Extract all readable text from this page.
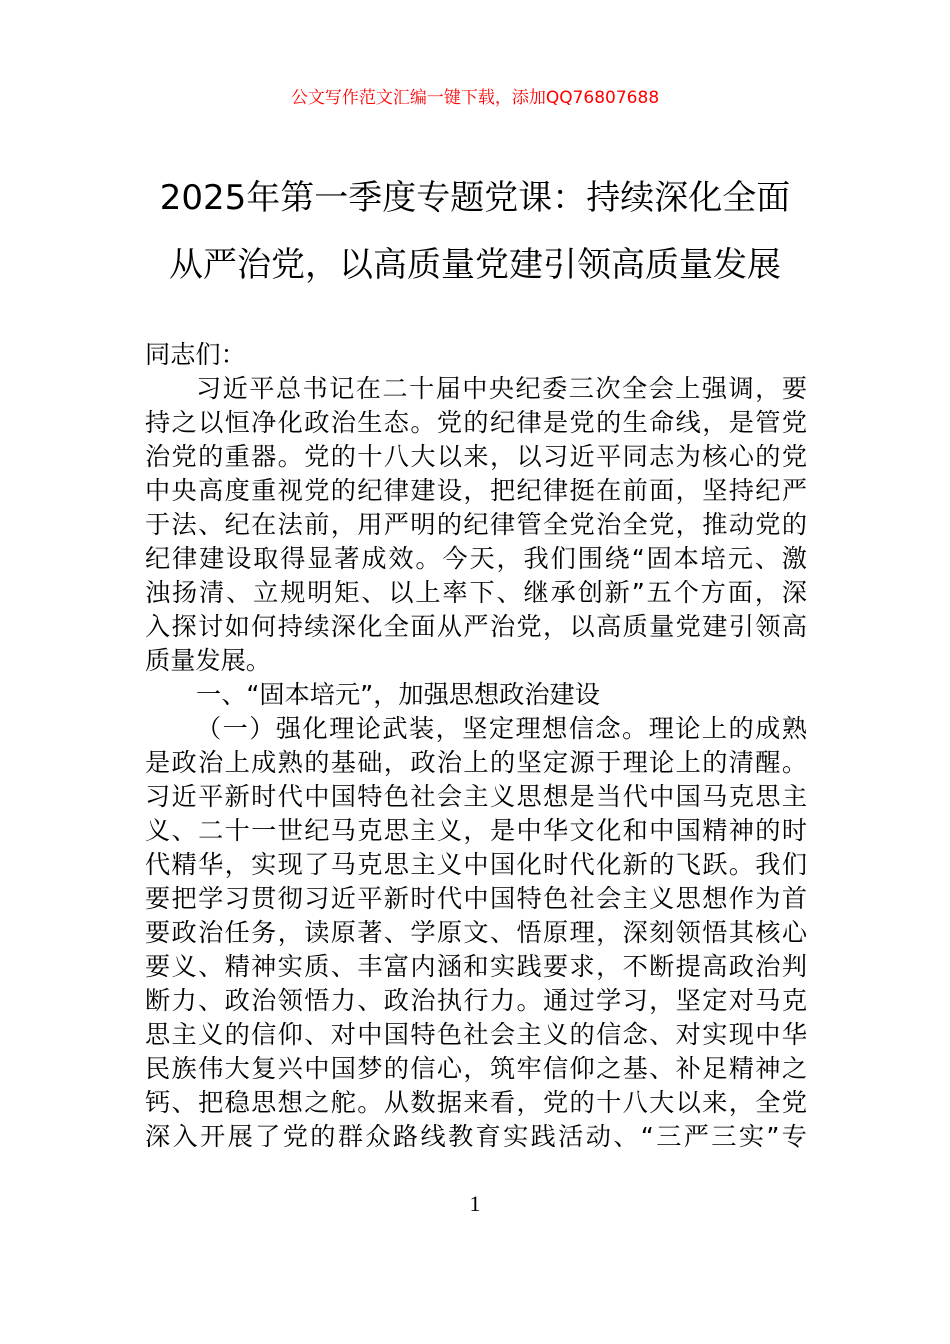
公文写作范文汇编一键下载，添加QQ76807688
2025年第一季度专题党课：持续深化全面
从严治党，以高质量党建引领高质量发展
同志们：
习近平总书记在二十届中央纪委三次全会上强调，要
持之以恒净化政治生态。党的纪律是党的生命线，是管党
治党的重器。党的十八大以来，以习近平同志为核心的党
中央高度重视党的纪律建设，把纪律挺在前面，坚持纪严
于法、纪在法前，用严明的纪律管全党治全党，推动党的
纪律建设取得显著成效。今天，我们围绕“固本培元、激
浊扬清、立规明矩、以上率下、继承创新”五个方面，深
入探讨如何持续深化全面从严治党，以高质量党建引领高
质量发展。
一、“固本培元”，加强思想政治建设
（一）强化理论武装，坚定理想信念。理论上的成熟
是政治上成熟的基础，政治上的坚定源于理论上的清醒。
习近平新时代中国特色社会主义思想是当代中国马克思主
义、二十一世纪马克思主义，是中华文化和中国精神的时
代精华，实现了马克思主义中国化时代化新的飞跃。我们
要把学习贯彻习近平新时代中国特色社会主义思想作为首
要政治任务，读原著、学原文、悟原理，深刻领悟其核心
要义、精神实质、丰富内涵和实践要求，不断提高政治判
断力、政治领悟力、政治执行力。通过学习，坚定对马克
思主义的信仰、对中国特色社会主义的信念、对实现中华
民族伟大复兴中国梦的信心，筑牢信仰之基、补足精神之
钙、把稳思想之舵。从数据来看，党的十八大以来，全党
深入开展了党的群众路线教育实践活动、“三严三实”专
1
